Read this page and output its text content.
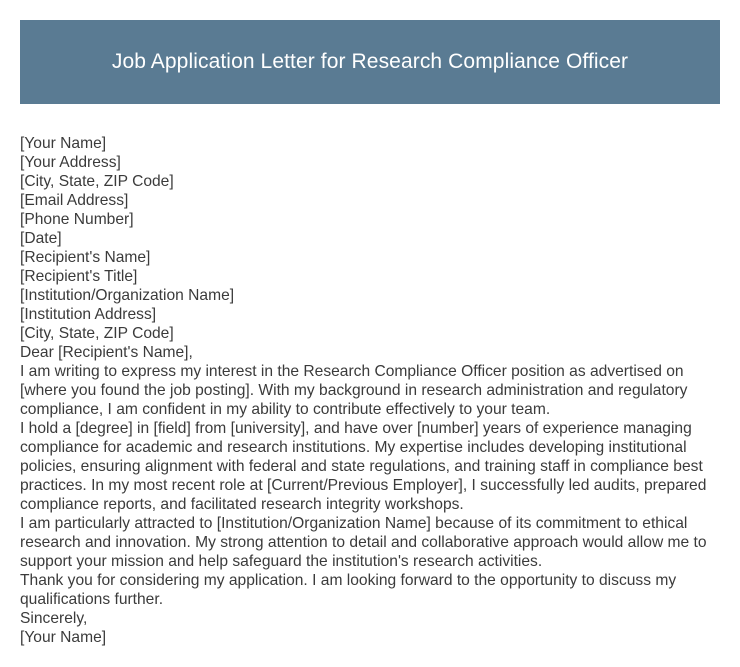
Job Application Letter for Research Compliance Officer
[Your Name]
[Your Address]
[City, State, ZIP Code]
[Email Address]
[Phone Number]
[Date]
[Recipient's Name]
[Recipient's Title]
[Institution/Organization Name]
[Institution Address]
[City, State, ZIP Code]
Dear [Recipient's Name],

I am writing to express my interest in the Research Compliance Officer position as advertised on [where you found the job posting]. With my background in research administration and regulatory compliance, I am confident in my ability to contribute effectively to your team.

I hold a [degree] in [field] from [university], and have over [number] years of experience managing compliance for academic and research institutions. My expertise includes developing institutional policies, ensuring alignment with federal and state regulations, and training staff in compliance best practices. In my most recent role at [Current/Previous Employer], I successfully led audits, prepared compliance reports, and facilitated research integrity workshops.

I am particularly attracted to [Institution/Organization Name] because of its commitment to ethical research and innovation. My strong attention to detail and collaborative approach would allow me to support your mission and help safeguard the institution's research activities.

Thank you for considering my application. I am looking forward to the opportunity to discuss my qualifications further.

Sincerely,
[Your Name]
